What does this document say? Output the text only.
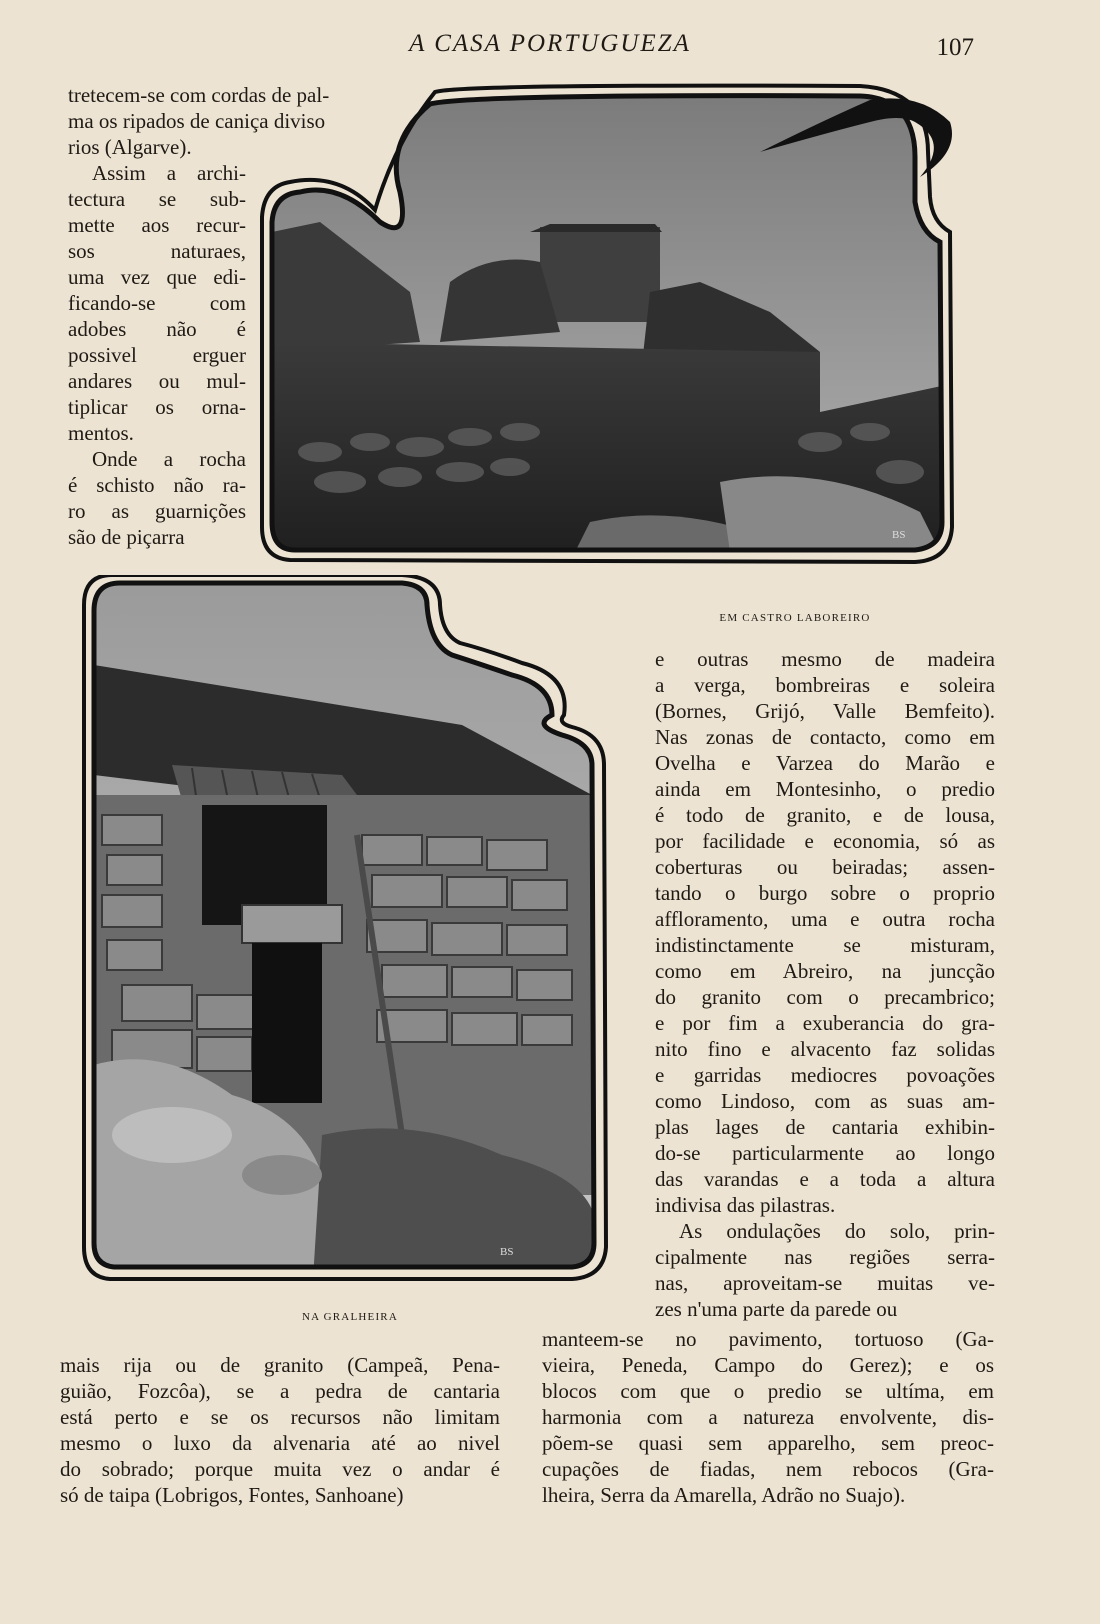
A CASA PORTUGUEZA	107
BS
EM CASTRO LABOREIRO
BS
NA GRALHEIRA
tretecem-se com cordas de pal-
ma os ripados de caniça diviso
rios (Algarve).
Assim a archi-
tectura se sub-
mette aos recur-
sos naturaes,
uma vez que edi-
ficando-se com
adobes não é
possivel erguer
andares ou mul-
tiplicar os orna-
mentos.
Onde a rocha
é schisto não ra-
ro as guarnições
são de piçarra
e outras mesmo de madeira
a verga, bombreiras e soleira
(Bornes, Grijó, Valle Bemfeito).
Nas zonas de contacto, como em
Ovelha e Varzea do Marão e
ainda em Montesinho, o predio
é todo de granito, e de lousa,
por facilidade e economia, só as
coberturas ou beiradas; assen-
tando o burgo sobre o proprio
affloramento, uma e outra rocha
indistinctamente se misturam,
como em Abreiro, na juncção
do granito com o precambrico;
e por fim a exuberancia do gra-
nito fino e alvacento faz solidas
e garridas mediocres povoações
como Lindoso, com as suas am-
plas lages de cantaria exhibin-
do-se particularmente ao longo
das varandas e a toda a altura
indivisa das pilastras.
As ondulações do solo, prin-
cipalmente nas regiões serra-
nas, aproveitam-se muitas ve-
zes n'uma parte da parede ou
mais rija ou de granito (Campeã, Pena-
guião, Fozcôa), se a pedra de cantaria
está perto e se os recursos não limitam
mesmo o luxo da alvenaria até ao nivel
do sobrado; porque muita vez o andar é
só de taipa (Lobrigos, Fontes, Sanhoane)
manteem-se no pavimento, tortuoso (Ga-
vieira, Peneda, Campo do Gerez); e os
blocos com que o predio se ultíma, em
harmonia com a natureza envolvente, dis-
põem-se quasi sem apparelho, sem preoc-
cupações de fiadas, nem rebocos (Gra-
lheira, Serra da Amarella, Adrão no Suajo).
